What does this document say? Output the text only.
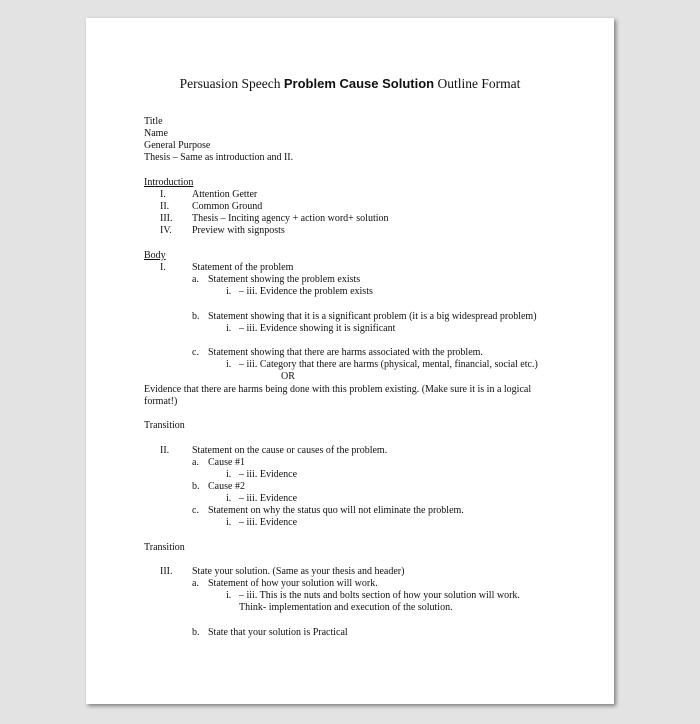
Persuasion Speech Problem Cause Solution Outline Format
Title
Name
General Purpose
Thesis – Same as introduction and II.
Introduction
I.	Attention Getter
II. Common Ground
III. Thesis – Inciting agency + action word+ solution
IV. Preview with signposts
Body
I.	Statement of the problem
a. Statement showing the problem exists
i. – iii. Evidence the problem exists
b. Statement showing that it is a significant problem (it is a big widespread problem)
i. – iii. Evidence showing it is significant
c. Statement showing that there are harms associated with the problem.
i. – iii. Category that there are harms (physical, mental, financial, social etc.)
OR
Evidence that there are harms being done with this problem existing. (Make sure it is in a logical
format!)
Transition
II. Statement on the cause or causes of the problem.
a. Cause #1
i. – iii. Evidence
b. Cause #2
i. – iii. Evidence
c. Statement on why the status quo will not eliminate the problem.
i. – iii. Evidence
Transition
III. State your solution. (Same as your thesis and header)
a. Statement of how your solution will work.
i. – iii. This is the nuts and bolts section of how your solution will work.
Think- implementation and execution of the solution.
b. State that your solution is Practical
